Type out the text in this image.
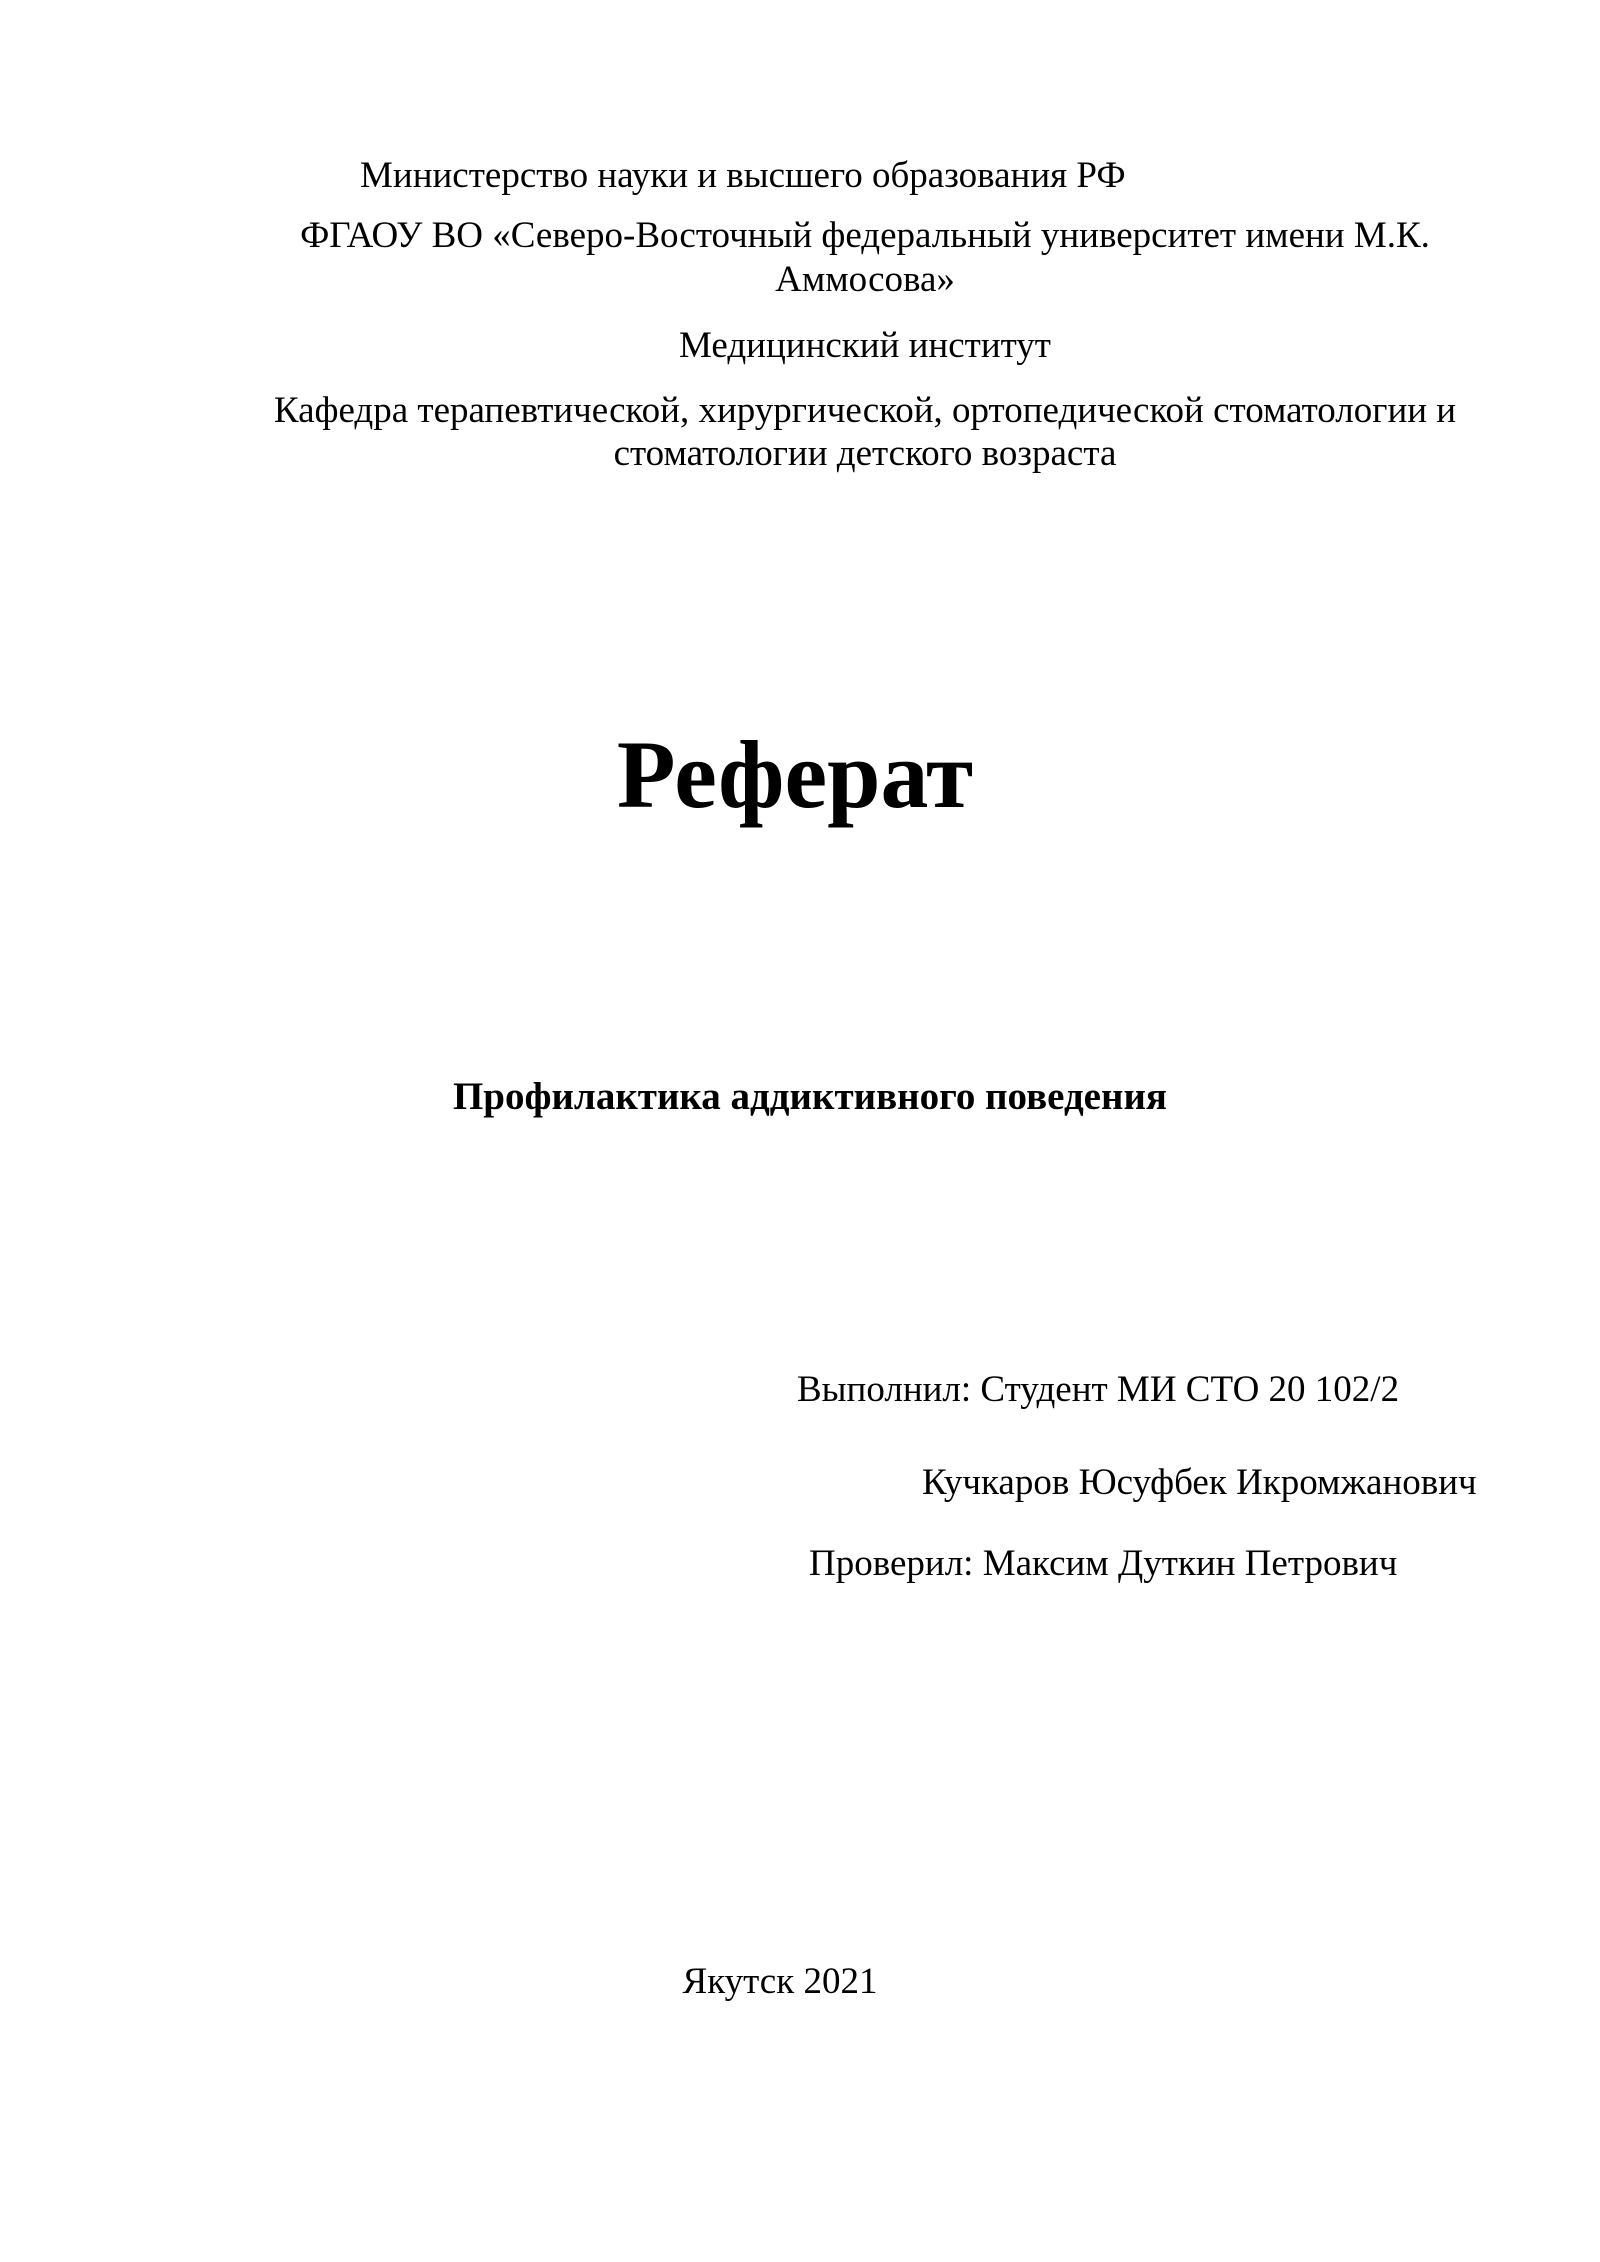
Министерство науки и высшего образования РФ
ФГАОУ ВО «Северо-Восточный федеральный университет имени М.К.
Аммосова»
Медицинский институт
Кафедра терапевтической, хирургической, ортопедической стоматологии и
стоматологии детского возраста
Реферат
Профилактика аддиктивного поведения
Выполнил: Студент МИ СТО 20 102/2
Кучкаров Юсуфбек Икромжанович
Проверил: Максим Дуткин Петрович
Якутск 2021
